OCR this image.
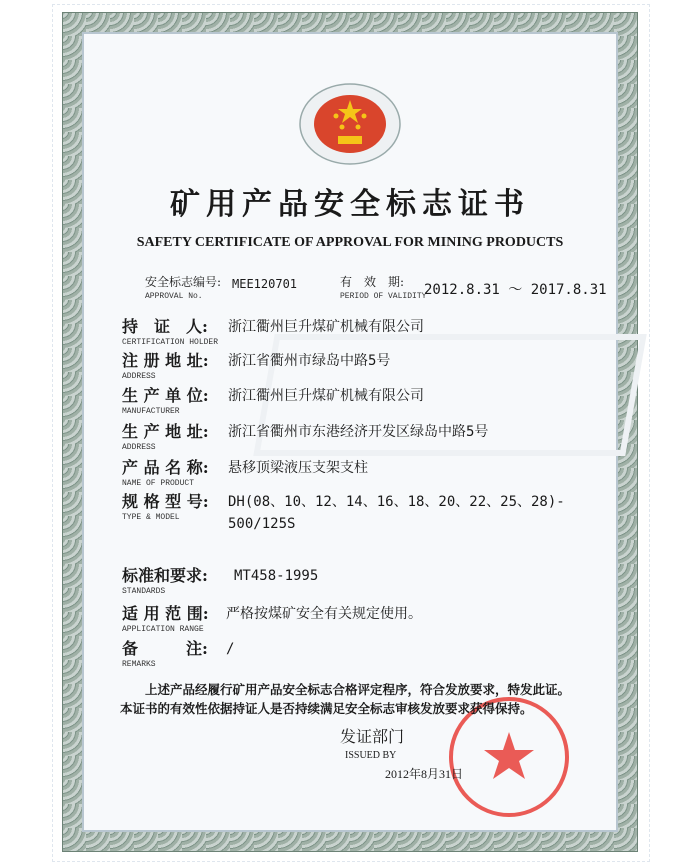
矿用产品安全标志证书
SAFETY CERTIFICATE OF APPROVAL FOR MINING PRODUCTS
安全标志编号:
APPROVAL No.
MEE120701	有　效　期:
PERIOD OF VALIDITY
2012.8.31 ～ 2017.8.31
持　证　人:
CERTIFICATION HOLDER
浙江衢州巨升煤矿机械有限公司
注 册 地 址:
ADDRESS
浙江省衢州市绿岛中路5号
生 产 单 位:
MANUFACTURER
浙江衢州巨升煤矿机械有限公司
生 产 地 址:
ADDRESS
浙江省衢州市东港经济开发区绿岛中路5号
产 品 名 称:
NAME OF PRODUCT
悬移顶梁液压支架支柱
规 格 型 号:
TYPE & MODEL
DH(08、10、12、14、16、18、20、22、25、28)-
500/125S
标准和要求:
STANDARDS
MT458-1995
适 用 范 围:
APPLICATION RANGE
严格按煤矿安全有关规定使用。
备　　　注:
REMARKS
/
上述产品经履行矿用产品安全标志合格评定程序，符合发放要求，特发此证。本证书的有效性依据持证人是否持续满足安全标志审核发放要求获得保持。
发证部门
ISSUED BY
2012年8月31日
